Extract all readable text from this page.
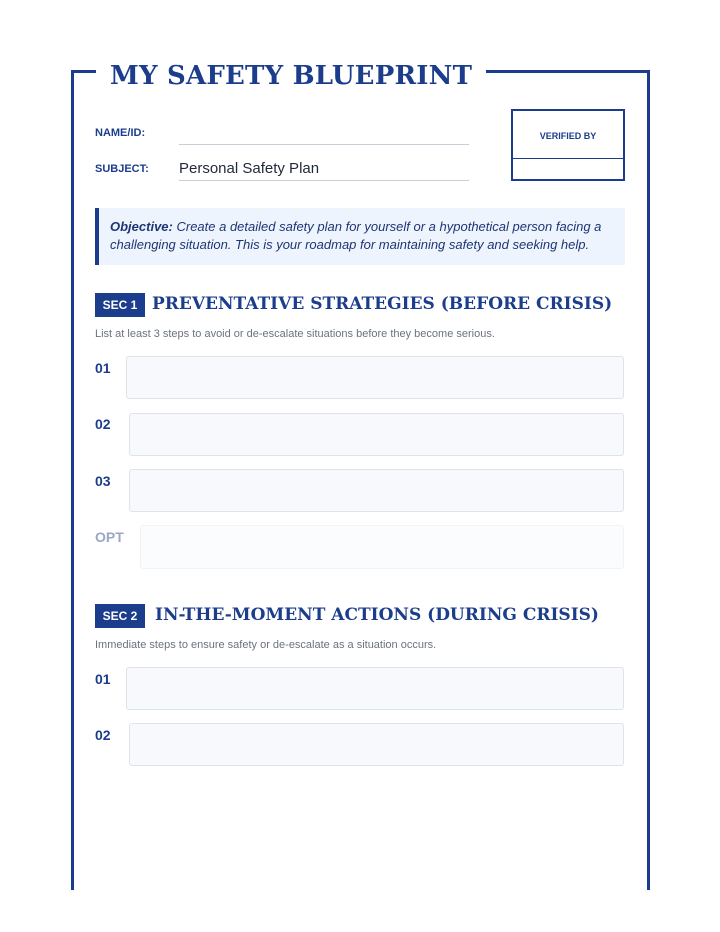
MY SAFETY BLUEPRINT
NAME/ID:
SUBJECT: Personal Safety Plan
VERIFIED BY
Objective: Create a detailed safety plan for yourself or a hypothetical person facing a challenging situation. This is your roadmap for maintaining safety and seeking help.
SEC 1 PREVENTATIVE STRATEGIES (BEFORE CRISIS)
List at least 3 steps to avoid or de-escalate situations before they become serious.
01
02
03
OPT
SEC 2	IN-THE-MOMENT ACTIONS (DURING CRISIS)
Immediate steps to ensure safety or de-escalate as a situation occurs.
01
02
